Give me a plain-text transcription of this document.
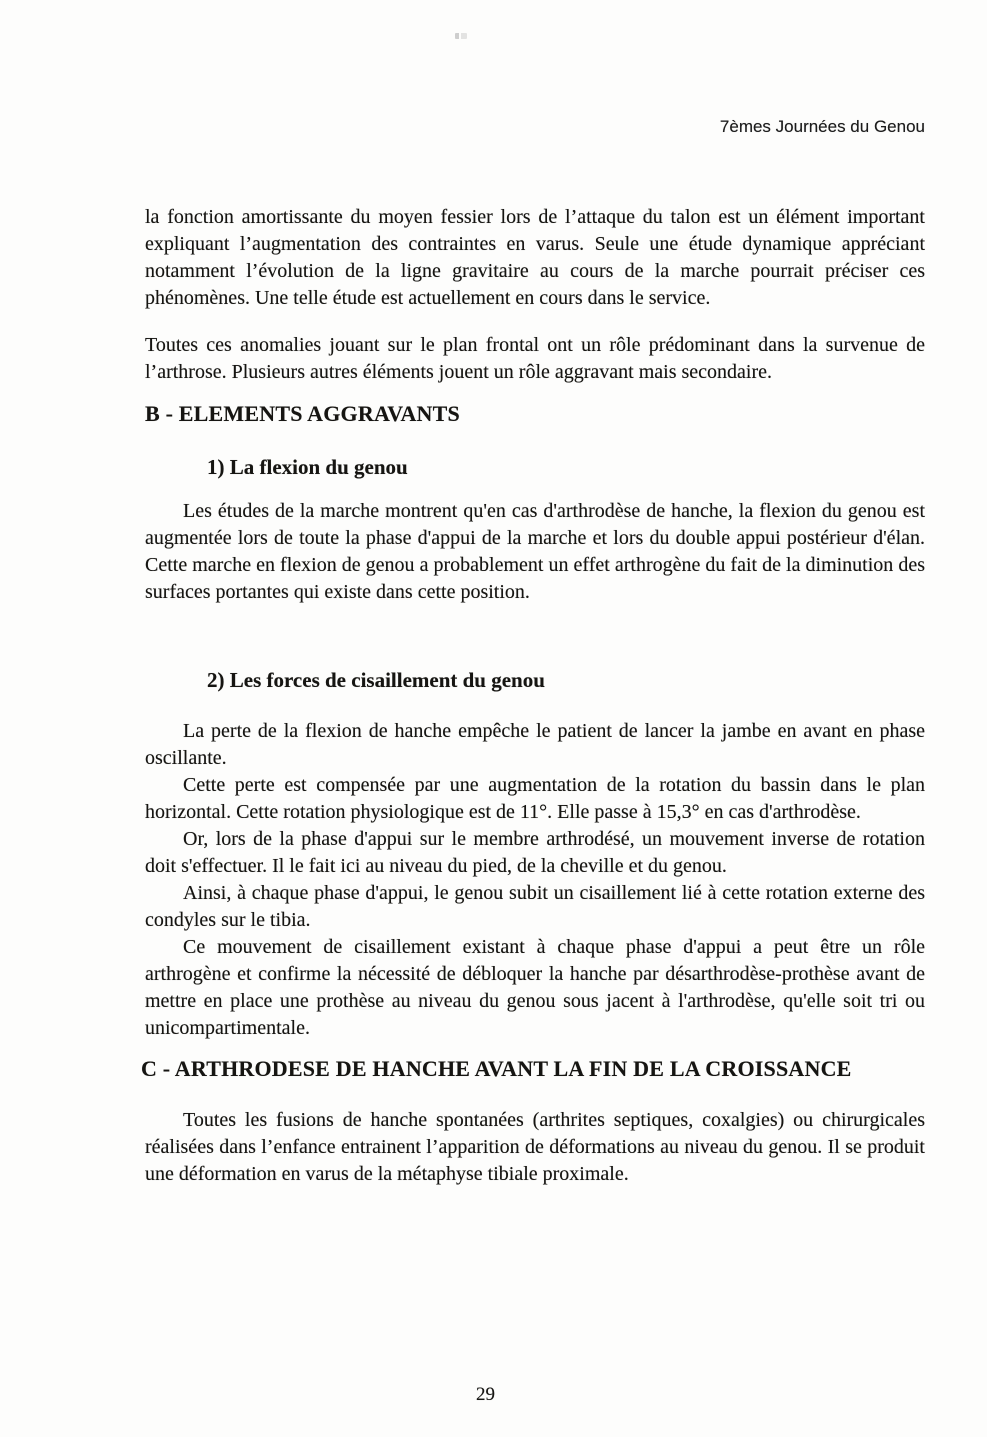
7èmes Journées du Genou

la fonction amortissante du moyen fessier lors de l’attaque du talon est un élément important expliquant l’augmentation des contraintes en varus. Seule une étude dynamique appréciant notamment l’évolution de la ligne gravitaire au cours de la marche pourrait préciser ces phénomènes. Une telle étude est actuellement en cours dans le service.

Toutes ces anomalies jouant sur le plan frontal ont un rôle prédominant dans la survenue de l’arthrose. Plusieurs autres éléments jouent un rôle aggravant mais secondaire.

B - ELEMENTS AGGRAVANTS
1) La flexion du genou

Les études de la marche montrent qu'en cas d'arthrodèse de hanche, la flexion du genou est augmentée lors de toute la phase d'appui de la marche et lors du double appui postérieur d'élan. Cette marche en flexion de genou a probablement un effet arthrogène du fait de la diminution des surfaces portantes qui existe dans cette position.

2) Les forces de cisaillement du genou

La perte de la flexion de hanche empêche le patient de lancer la jambe en avant en phase oscillante.

Cette perte est compensée par une augmentation de la rotation du bassin dans le plan horizontal. Cette rotation physiologique est de 11°. Elle passe à 15,3° en cas d'arthrodèse.

Or, lors de la phase d'appui sur le membre arthrodésé, un mouvement inverse de rotation doit s'effectuer. Il le fait ici au niveau du pied, de la cheville et du genou.

Ainsi, à chaque phase d'appui, le genou subit un cisaillement lié à cette rotation externe des condyles sur le tibia.

Ce mouvement de cisaillement existant à chaque phase d'appui a peut être un rôle arthrogène et confirme la nécessité de débloquer la hanche par désarthrodèse-prothèse avant de mettre en place une prothèse au niveau du genou sous jacent à l'arthrodèse, qu'elle soit tri ou unicompartimentale.

C - ARTHRODESE DE HANCHE AVANT LA FIN DE LA CROISSANCE

Toutes les fusions de hanche spontanées (arthrites septiques, coxalgies) ou chirurgicales réalisées dans l’enfance entrainent l’apparition de déformations au niveau du genou. Il se produit une déformation en varus de la métaphyse tibiale proximale.

29
